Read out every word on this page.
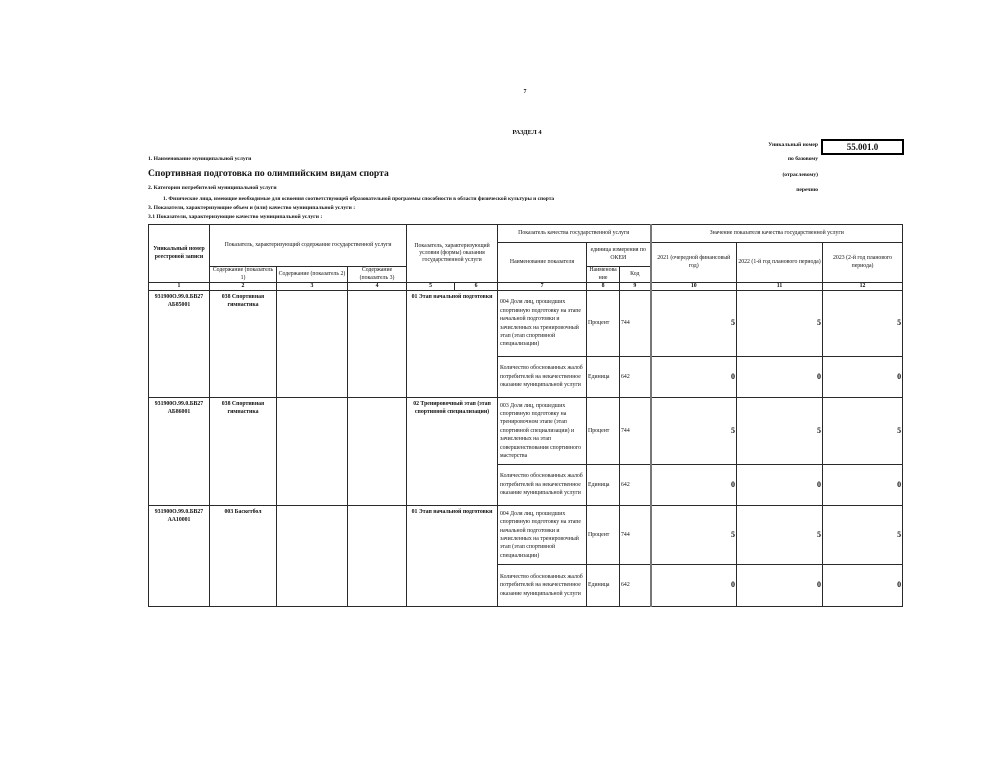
7
РАЗДЕЛ 4
Уникальный номер	55.001.0
по базовому
(отраслевому)
перечню
1. Наименование муниципальной услуги
Спортивная подготовка по олимпийским видам спорта
2. Категории потребителей муниципальной услуги
1. Физические лица, имеющие необходимые для освоения соответствующей образовательной программы способности в области физической культуры и спорта
3. Показатели, характеризующие объем и (или) качество муниципальной услуги :
3.1 Показатели, характеризующие качество муниципальной услуги :
Уникальный номер реестровой записи	Показатель, характеризующий содержание государственной услуги			Показатель, характеризующий условия (формы) оказания государственной услуги		Показатель качества государственной услуги			Значение показателя качества государственной услуги		
						Наименование показателя	единица измерения по ОКЕИ		2021 (очередной финансовый год)	2022 (1-й год планового периода)	2023 (2-й год планового периода)
	Содержание (показатель 1)	Содержание (показатель 2)	Содержание (показатель 3)				Наименова ние	Код			
1	2	3	4	5	6	7	8	9	10	11	12
931900О.99.0.БВ27 АБ85001	038 Спортивная гимнастика			01 Этап начальной подготовки		004 Доля лиц, прошедших спортивную подготовку на этапе начальной подготовки и зачисленных на тренировочный этап (этап спортивной специализации)	Процент	744	5	5	5
						Количество обоснованных жалоб потребителей на некачественное оказание муниципальной услуги	Единица	642	0	0	0
931900О.99.0.БВ27 АБ86001	038 Спортивная гимнастика			02 Тренировочный этап (этап спортивной специализации)		003 Доля лиц, прошедших спортивную подготовку на тренировочном этапе (этап спортивной специализации) и зачисленных на этап совершенствования спортивного мастерства	Процент	744	5	5	5
						Количество обоснованных жалоб потребителей на некачественное оказание муниципальной услуги	Единица	642	0	0	0
931900О.99.0.БВ27 АА10001	003 Баскетбол			01 Этап начальной подготовки		004 Доля лиц, прошедших спортивную подготовку на этапе начальной подготовки и зачисленных на тренировочный этап (этап спортивной специализации)	Процент	744	5	5	5
						Количество обоснованных жалоб потребителей на некачественное оказание муниципальной услуги	Единица	642	0	0	0
